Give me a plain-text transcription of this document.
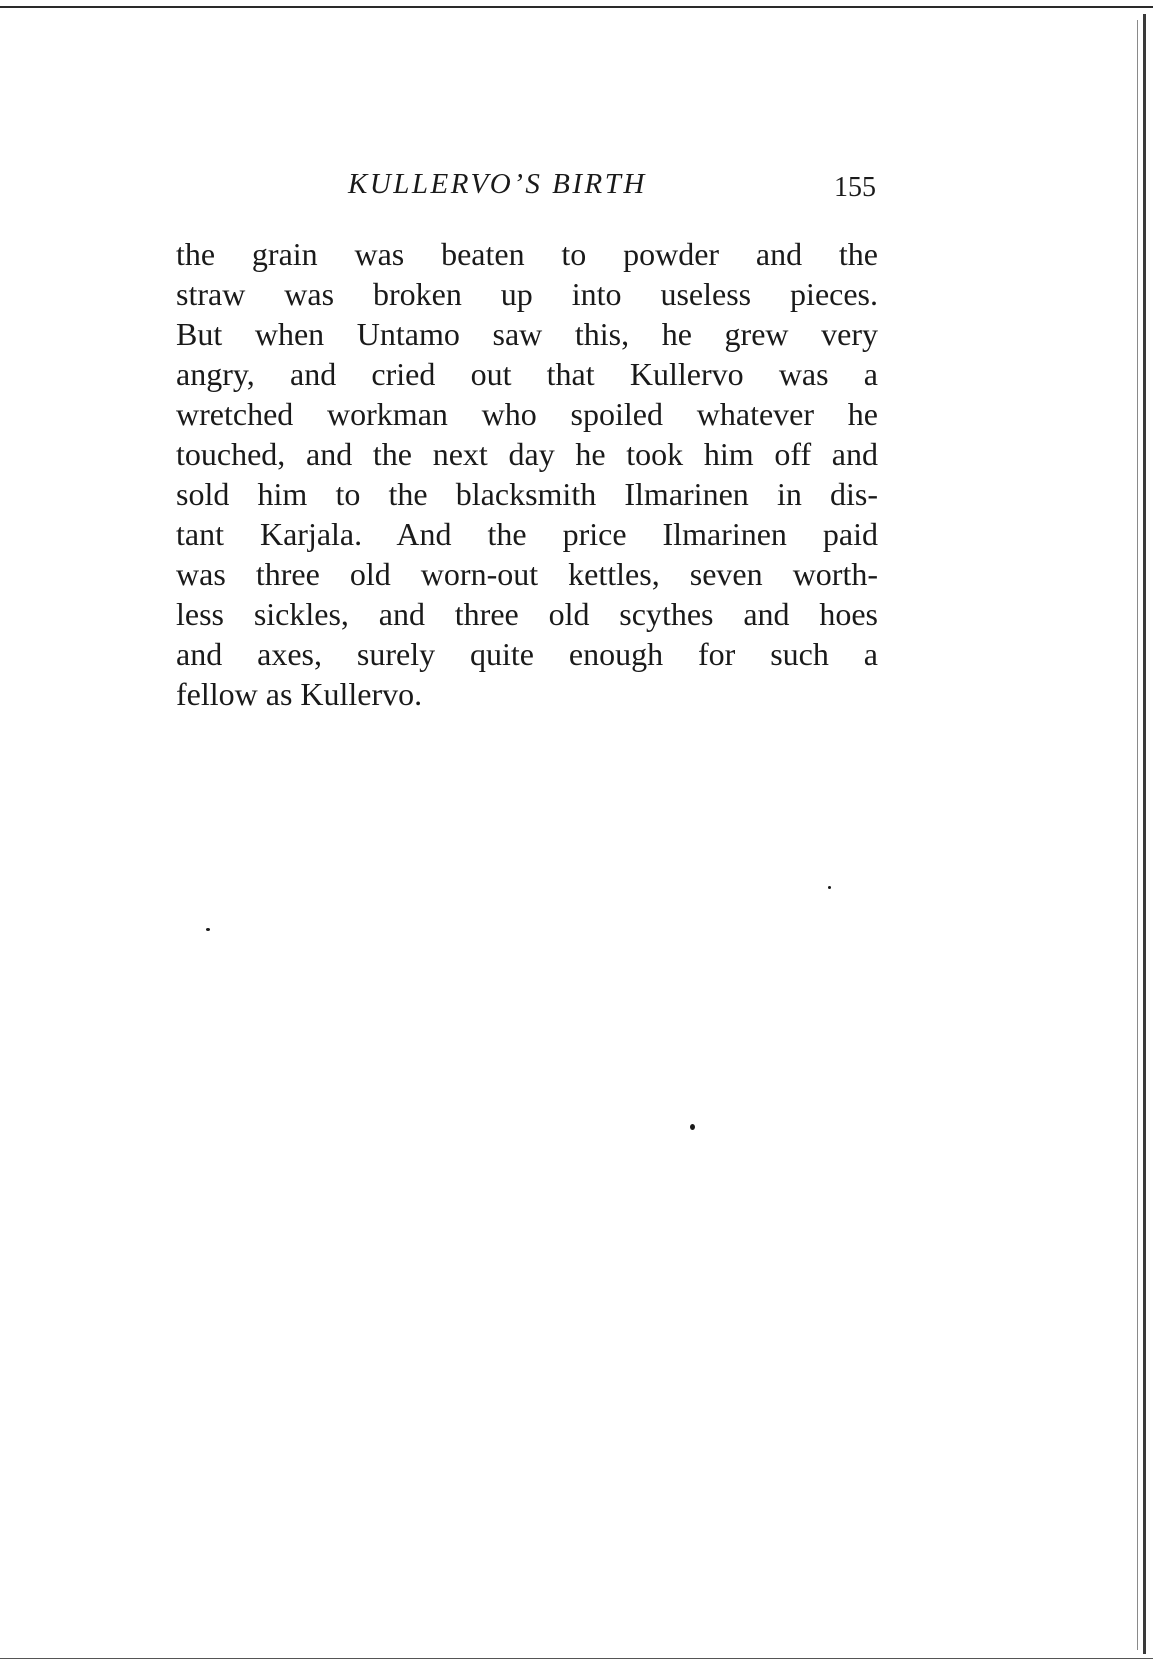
KULLERVO’S BIRTH	155
the grain was beaten to powder and the
straw was broken up into useless pieces.
But when Untamo saw this, he grew very
angry, and cried out that Kullervo was a
wretched workman who spoiled whatever he
touched, and the next day he took him off and
sold him to the blacksmith Ilmarinen in dis-
tant Karjala. And the price Ilmarinen paid
was three old worn-out kettles, seven worth-
less sickles, and three old scythes and hoes
and axes, surely quite enough for such a
fellow as Kullervo.
